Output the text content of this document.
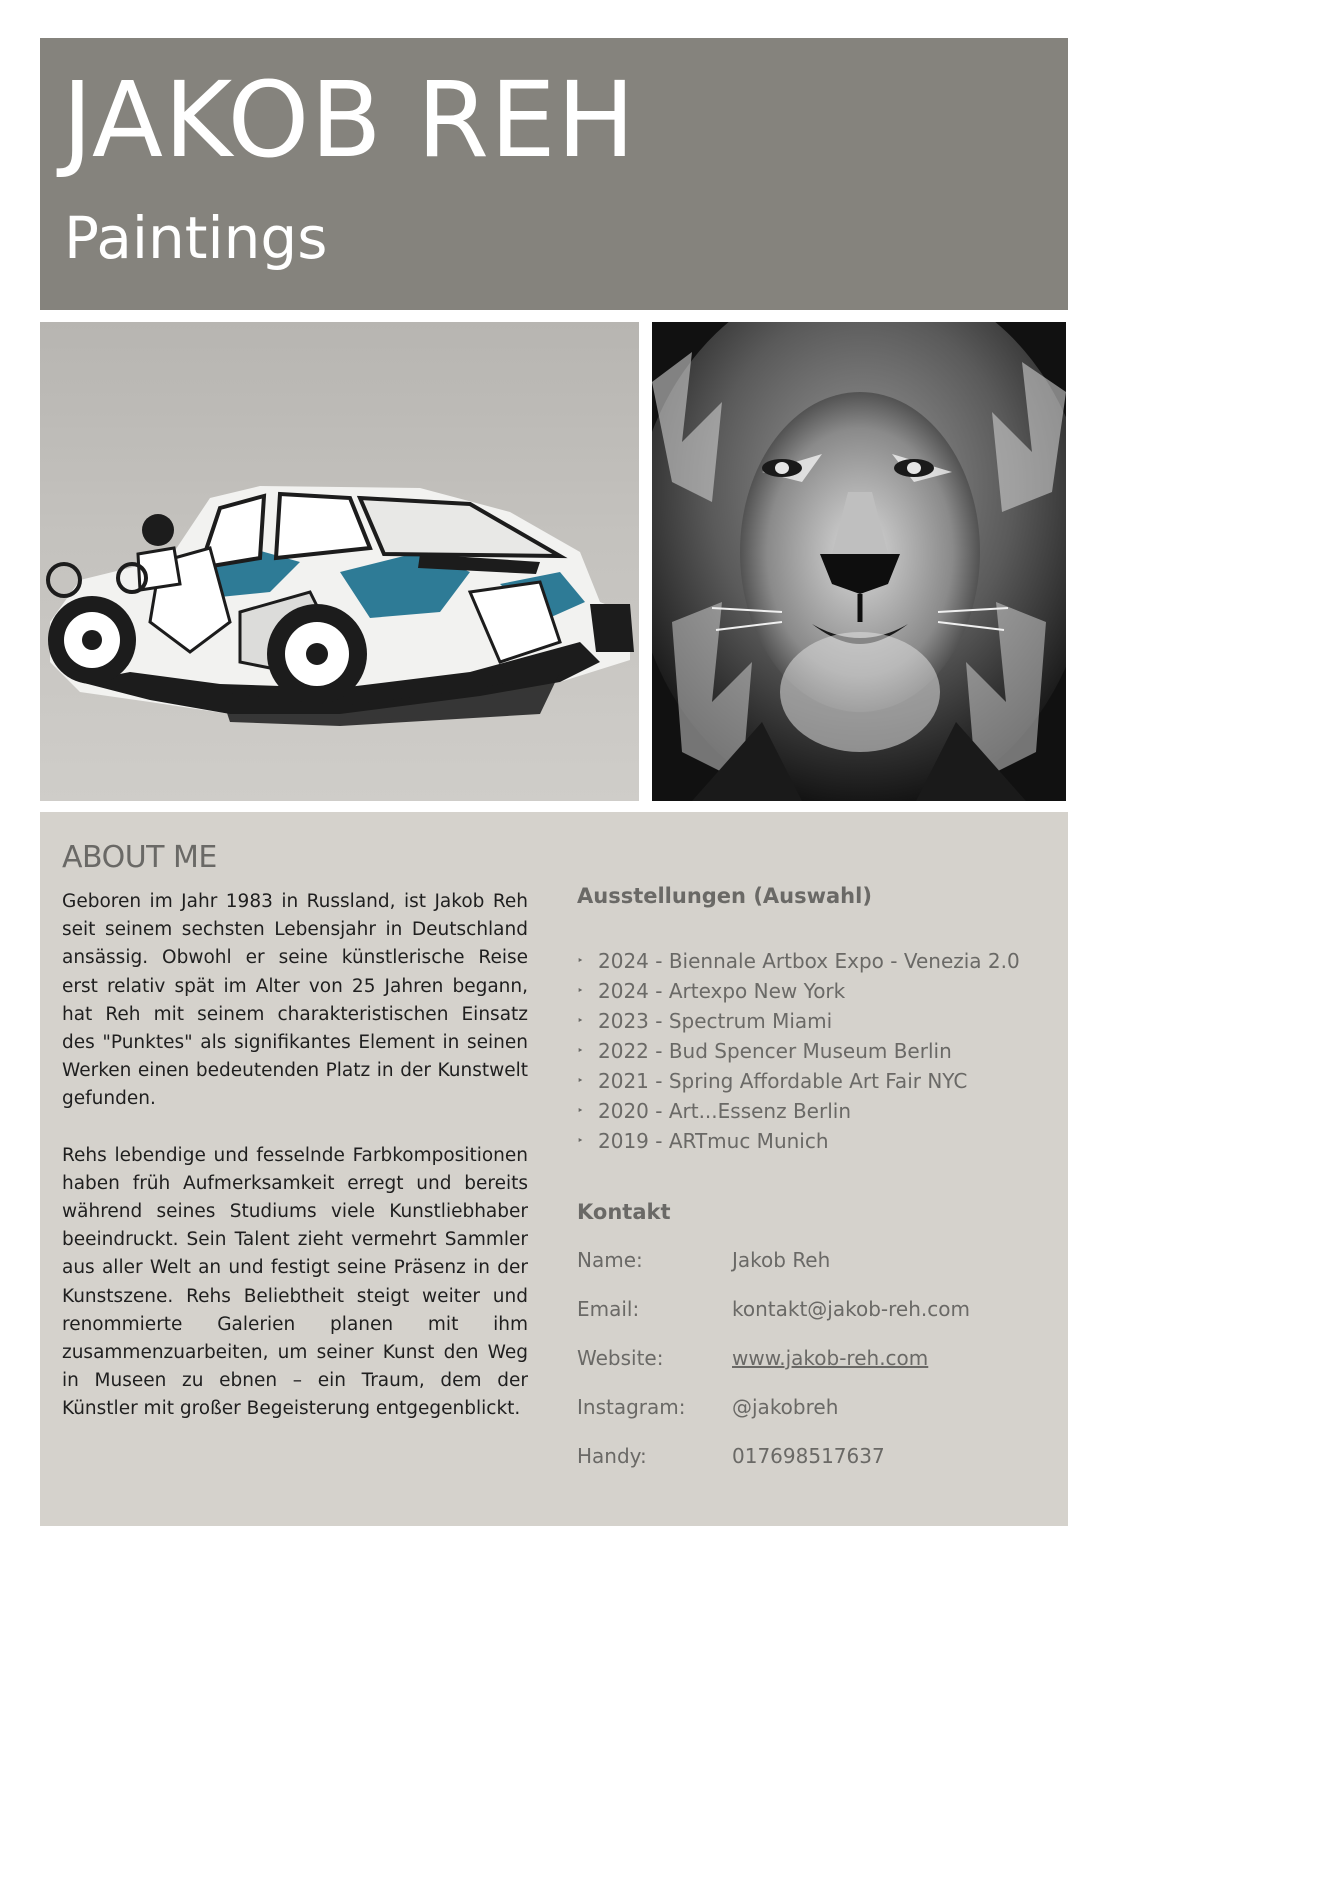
JAKOB REH
Paintings
ABOUT ME

Geboren im Jahr 1983 in Russland, ist Jakob Reh seit seinem sechsten Lebensjahr in Deutschland ansässig. Obwohl er seine künstlerische Reise erst relativ spät im Alter von 25 Jahren begann, hat Reh mit seinem charakteristischen Einsatz des "Punktes" als signifikantes Element in seinen Werken einen bedeutenden Platz in der Kunstwelt gefunden.

Rehs lebendige und fesselnde Farbkompositionen haben früh Aufmerksamkeit erregt und bereits während seines Studiums viele Kunstliebhaber beeindruckt. Sein Talent zieht vermehrt Sammler aus aller Welt an und festigt seine Präsenz in der Kunstszene. Rehs Beliebtheit steigt weiter und renommierte Galerien planen mit ihm zusammenzuarbeiten, um seiner Kunst den Weg in Museen zu ebnen – ein Traum, dem der Künstler mit großer Begeisterung entgegenblickt.

Ausstellungen (Auswahl)
‣ 2024 - Biennale Artbox Expo - Venezia 2.0
‣ 2024 - Artexpo New York
‣ 2023 - Spectrum Miami
‣ 2022 - Bud Spencer Museum Berlin
‣ 2021 - Spring Affordable Art Fair NYC
‣ 2020 - Art...Essenz Berlin
‣ 2019 - ARTmuc Munich
Kontakt
Name:	Jakob Reh
Email:	kontakt@jakob-reh.com
Website:	www.jakob-reh.com
Instagram: @jakobreh
Handy:	017698517637
